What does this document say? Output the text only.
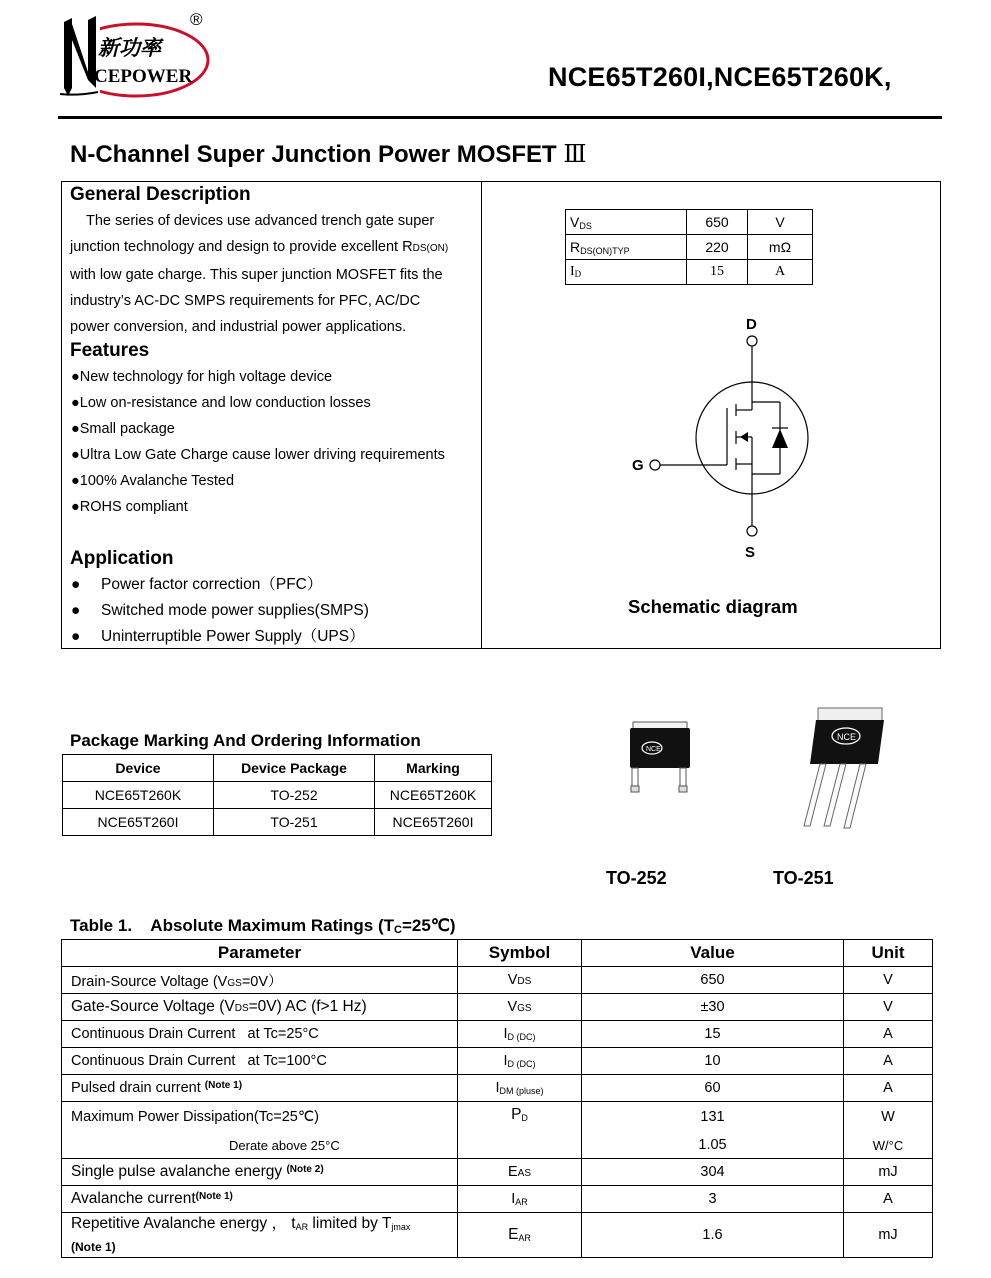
新功率
CEPOWER
®
NCE65T260I,NCE65T260K,
N-Channel Super Junction Power MOSFET Ⅲ
General Description

The series of devices use advanced trench gate super

junction technology and design to provide excellent RDS(ON)

with low gate charge. This super junction MOSFET fits the

industry’s AC-DC SMPS requirements for PFC, AC/DC

power conversion, and industrial power applications.

Features
●New technology for high voltage device
●Low on-resistance and low conduction losses
●Small package
●Ultra Low Gate Charge cause lower driving requirements
●100% Avalanche Tested
●ROHS compliant
Application
● Power factor correction（PFC）
● Switched mode power supplies(SMPS)
● Uninterruptible Power Supply（UPS）
$V_{DS}$	650	V
$R_{DS(ON)TYP}$	220	mΩ
$I_D$	15	A
D
G
S
Schematic diagram
Package Marking And Ordering Information
Device	Device Package	Marking
NCE65T260K	TO-252	NCE65T260K
NCE65T260I	TO-251	NCE65T260I
NCE
NCE
TO-252	TO-251
Table 1.    Absolute Maximum Ratings $(T_C=25℃)$
Parameter	Symbol	Value	Unit
Drain-Source Voltage (VGS=0V）	VDS	650	V
Gate-Source Voltage (VDS=0V) AC (f>1 Hz)	VGS	±30	V
Continuous Drain Current   at Tc=25°C	$I_{D (DC)}$	15	A
Continuous Drain Current   at Tc=100°C	$I_{D (DC)}$	10	A
Pulsed drain current $^{(Note 1)}$	$I_{DM (pluse)}$	60	A
Maximum Power Dissipation(Tc=25℃)	$P_D$	131	W
Derate above 25°C		1.05	W/°C
Single pulse avalanche energy $^{(Note 2)}$	EAS	304	mJ
Avalanche current$^{(Note 1)}$	$I_{AR}$	3	A
Repetitive Avalanche energy ， $t_{AR}$ limited by $T_{jmax}$
(Note 1)	$E_{AR}$	1.6	mJ
